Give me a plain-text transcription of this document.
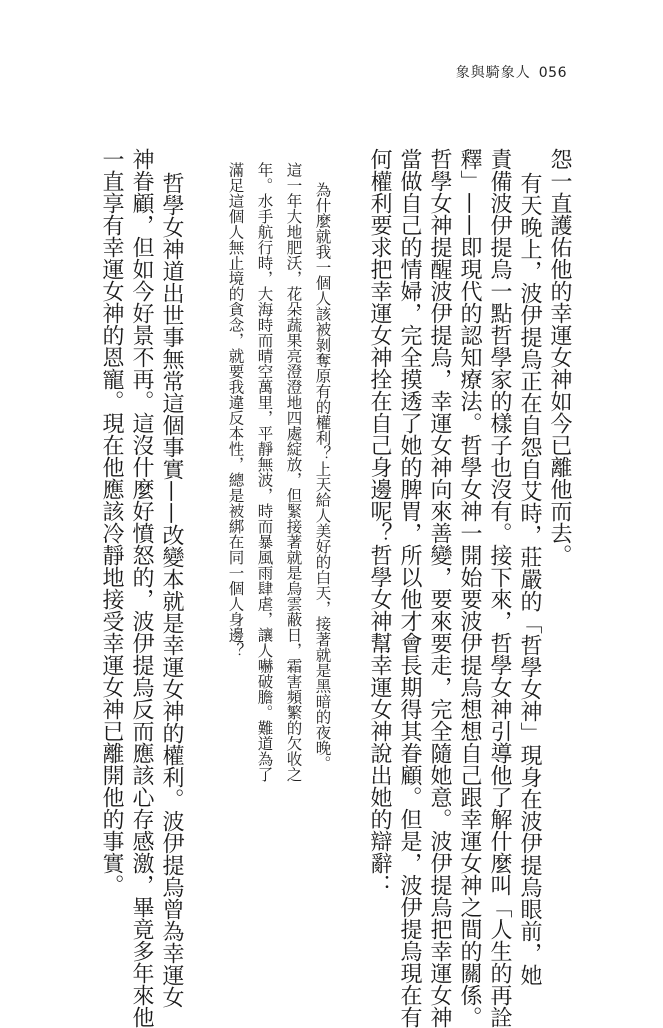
象與騎象人 056
怨一直護佑他的幸運女神如今已離他而去。
有天晚上，波伊提烏正在自怨自艾時，莊嚴的「哲學女神」現身在波伊提烏眼前，她
責備波伊提烏一點哲學家的樣子也沒有。接下來，哲學女神引導他了解什麼叫「人生的再詮
釋」——即現代的認知療法。哲學女神一開始要波伊提烏想想自己跟幸運女神之間的關係。
哲學女神提醒波伊提烏，幸運女神向來善變，要來要走，完全隨她意。波伊提烏把幸運女神
當做自己的情婦，完全摸透了她的脾胃，所以他才會長期得其眷顧。但是，波伊提烏現在有
何權利要求把幸運女神拴在自己身邊呢？哲學女神幫幸運女神說出她的辯辭：
為什麼就我一個人該被剝奪原有的權利？上天給人美好的白天，接著就是黑暗的夜晚。
這一年大地肥沃，花朵蔬果亮澄澄地四處綻放，但緊接著就是烏雲蔽日，霜害頻繁的欠收之
年。水手航行時，大海時而晴空萬里，平靜無波，時而暴風雨肆虐，讓人嚇破膽。難道為了
滿足這個人無止境的貪念，就要我違反本性，總是被綁在同一個人身邊？
哲學女神道出世事無常這個事實——改變本就是幸運女神的權利。波伊提烏曾為幸運女
神眷顧，但如今好景不再。這沒什麼好憤怒的，波伊提烏反而應該心存感激，畢竟多年來他
一直享有幸運女神的恩寵。現在他應該冷靜地接受幸運女神已離開他的事實。
